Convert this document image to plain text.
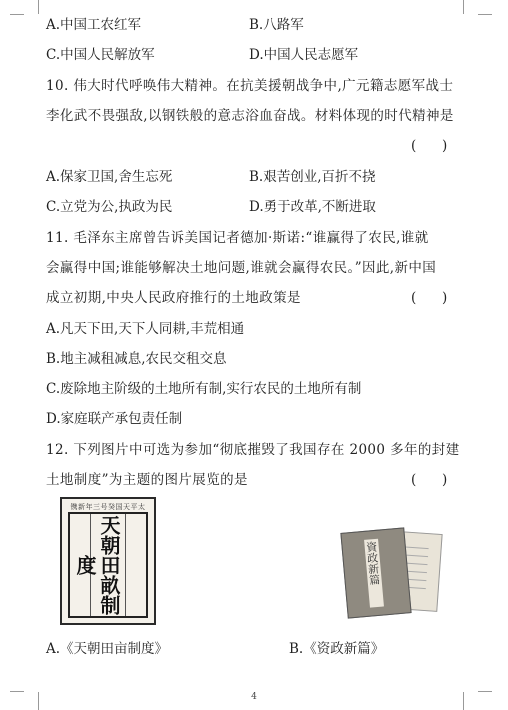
A.中国工农红军	B.八路军
C.中国人民解放军	D.中国人民志愿军
10. 伟大时代呼唤伟大精神。在抗美援朝战争中,广元籍志愿军战士
李化武不畏强敌,以钢铁般的意志浴血奋战。材料体现的时代精神是
(      )
A.保家卫国,舍生忘死	B.艰苦创业,百折不挠
C.立党为公,执政为民	D.勇于改革,不断进取
11. 毛泽东主席曾告诉美国记者德加·斯诺:“谁赢得了农民,谁就
会赢得中国;谁能够解决土地问题,谁就会赢得农民。”因此,新中国
成立初期,中央人民政府推行的土地政策是	(      )
A.凡天下田,天下人同耕,丰荒相通
B.地主减租减息,农民交租交息
C.废除地主阶级的土地所有制,实行农民的土地所有制
D.家庭联产承包责任制
12. 下列图片中可选为参加“彻底摧毁了我国存在 2000 多年的封建
土地制度”为主题的图片展览的是	(      )
镌新年三号癸国天平太
天朝田畝制度	資政新篇
A.《天朝田亩制度》	B.《资政新篇》
4
